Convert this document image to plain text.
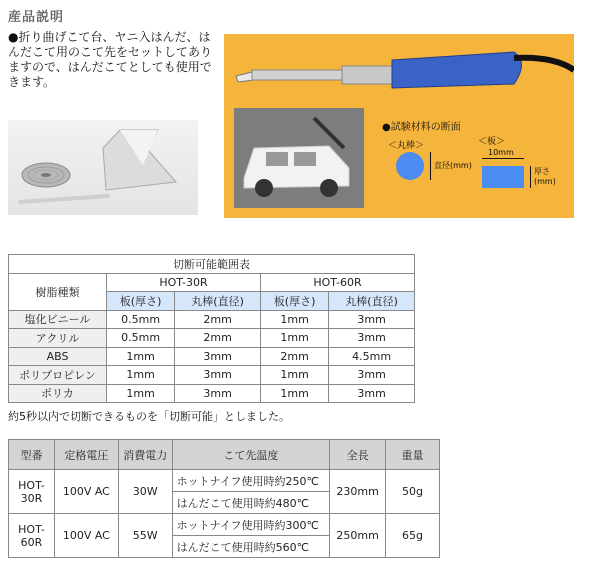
産品説明
●折り曲げこて台、ヤニ入はんだ、はんだこて用のこて先をセットしてありますので、はんだこてとしても使用できます。
●試験材料の断面
＜丸棒＞	＜板＞
直径(mm)
10mm
厚さ(mm)
切断可能範囲表				
樹脂種類	HOT-30R		HOT-60R	
	板(厚さ)	丸棒(直径)	板(厚さ)	丸棒(直径)
塩化ビニール	0.5mm	2mm	1mm	3mm
アクリル	0.5mm	2mm	1mm	3mm
ABS	1mm	3mm	2mm	4.5mm
ポリプロピレン	1mm	3mm	1mm	3mm
ポリカ	1mm	3mm	1mm	3mm
約5秒以内で切断できるものを「切断可能」としました。
型番	定格電圧	消費電力	こて先温度	全長	重量
HOT-30R	100V AC	30W	ホットナイフ使用時約250℃	230mm	50g
			はんだこて使用時約480℃		
HOT-60R	100V AC	55W	ホットナイフ使用時約300℃	250mm	65g
			はんだこて使用時約560℃		
